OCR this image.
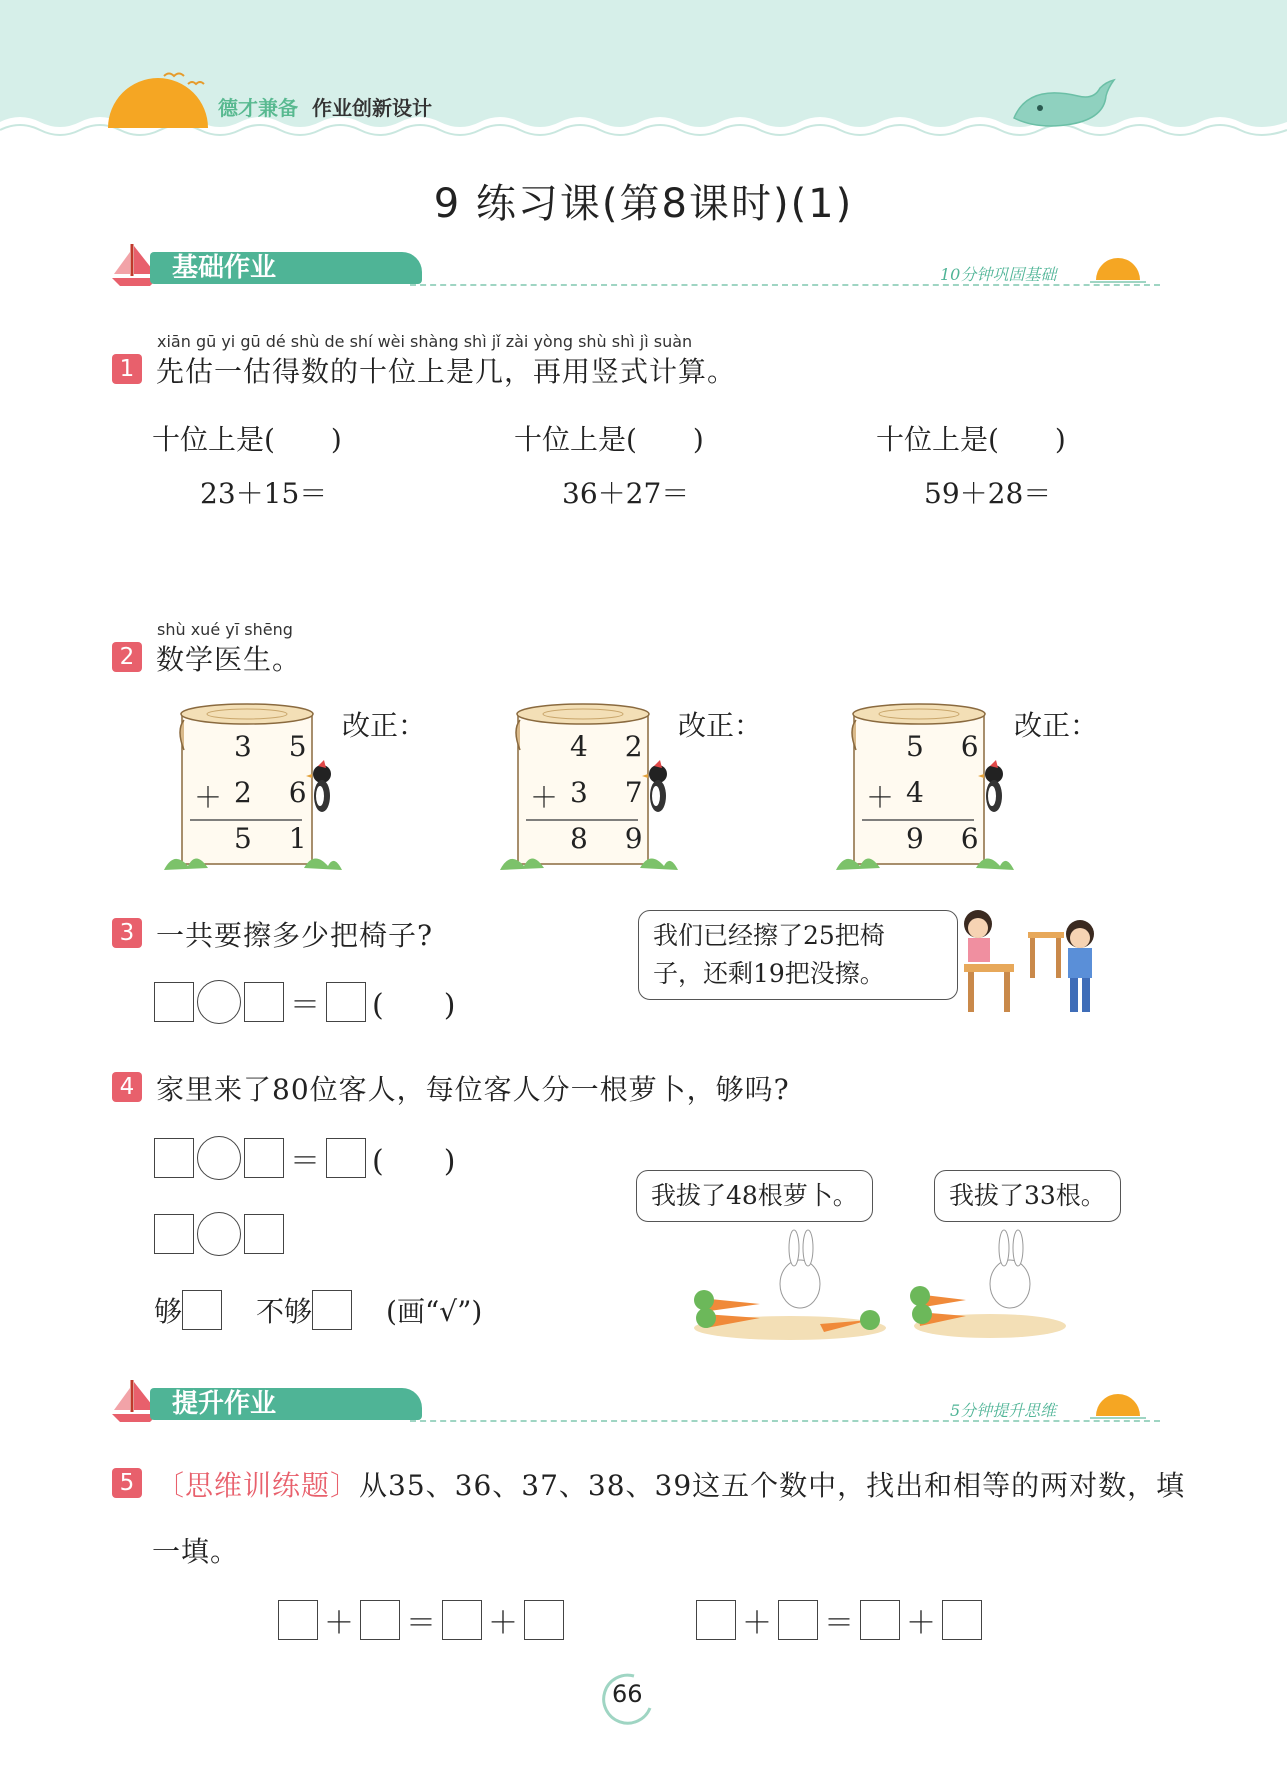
德才兼备 作业创新设计
9 练习课(第8课时)(1)
基础作业	10分钟巩固基础
xiān gū yi gū dé shù de shí wèi shàng shì jǐ zài yòng shù shì jì suàn
1 先估一估得数的十位上是几，再用竖式计算。
十位上是(　　)
23＋15＝
十位上是(　　)
36＋27＝
十位上是(　　)
59＋28＝
shù xué yī shēng
2 数学医生。
3 5
＋
2 6
5 1
改正：
4 2
＋
3 7
8 9
改正：
5 6
＋
4
9 6
改正：
3 一共要擦多少把椅子?
＝ (　　)
我们已经擦了25把椅
子，还剩19把没擦。
4 家里来了80位客人，每位客人分一根萝卜，够吗?
＝ (　　)
够	不够	(画“√”)
我拔了48根萝卜。	我拔了33根。
提升作业	5分钟提升思维
5 〔思维训练题〕从35、36、37、38、39这五个数中，找出和相等的两对数，填
一填。
＋ ＝ ＋	＋ ＝ ＋
66
